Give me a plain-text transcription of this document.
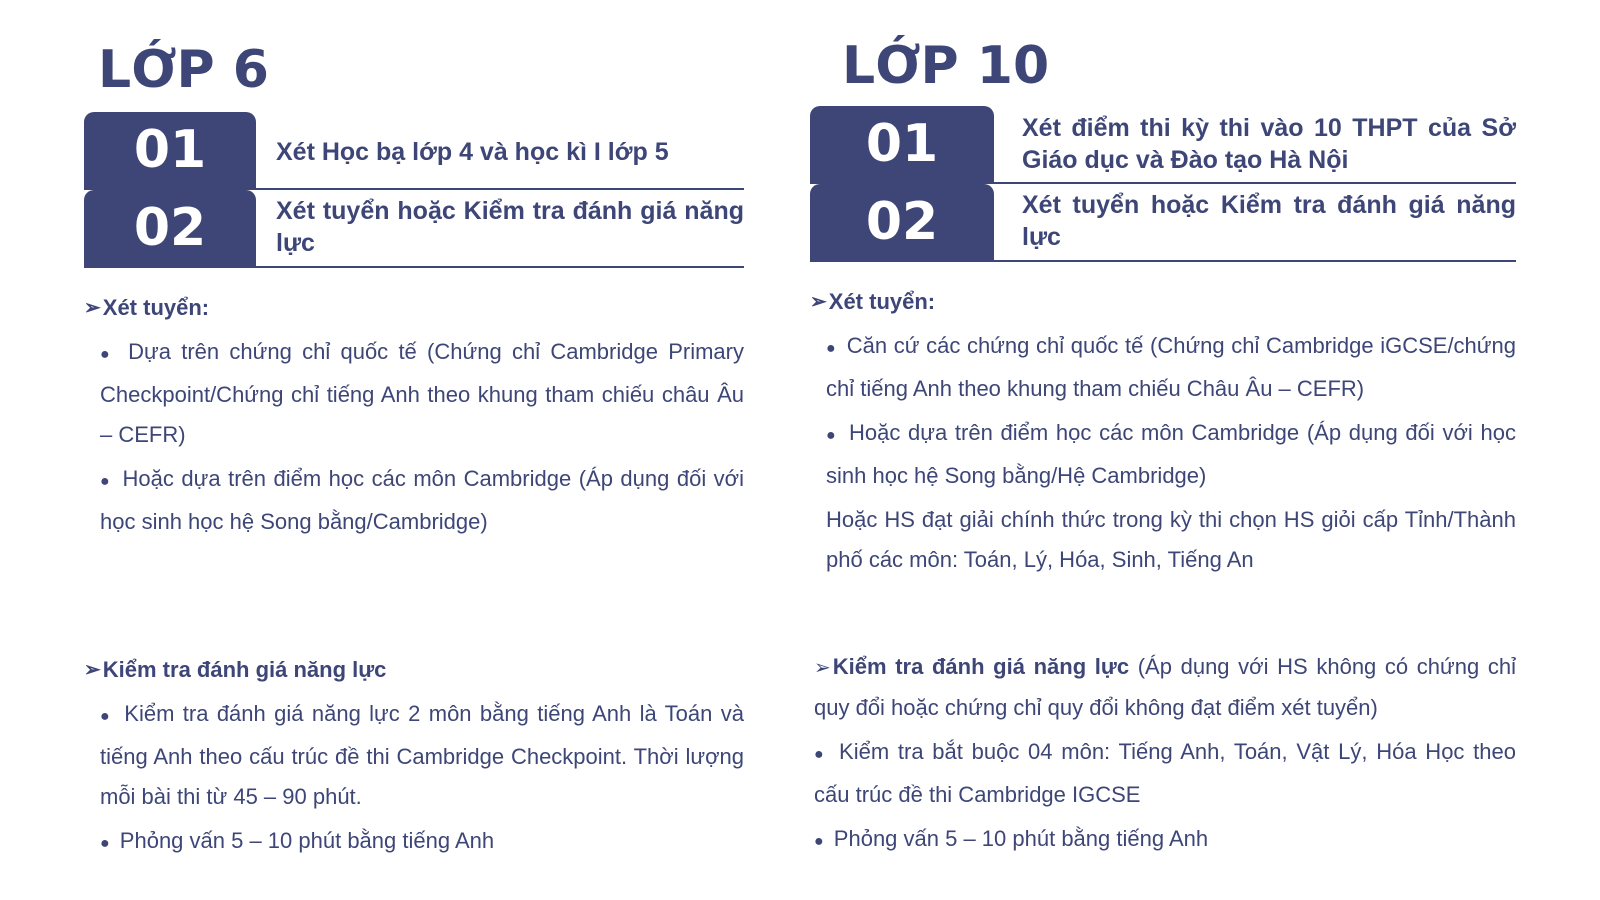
LỚP 6
01	Xét Học bạ lớp 4 và học kì I lớp 5
02	Xét tuyển hoặc Kiểm tra đánh giá năng lực

➢ Xét tuyển:

● Dựa trên chứng chỉ quốc tế (Chứng chỉ Cambridge Primary Checkpoint/Chứng chỉ tiếng Anh theo khung tham chiếu châu Âu – CEFR)

● Hoặc dựa trên điểm học các môn Cambridge (Áp dụng đối với học sinh học hệ Song bằng/Cambridge)

➢ Kiểm tra đánh giá năng lực

● Kiểm tra đánh giá năng lực 2 môn bằng tiếng Anh là Toán và tiếng Anh theo cấu trúc đề thi Cambridge Checkpoint. Thời lượng mỗi bài thi từ 45 – 90 phút.

● Phỏng vấn 5 – 10 phút bằng tiếng Anh

LỚP 10
01	Xét điểm thi kỳ thi vào 10 THPT của Sở Giáo dục và Đào tạo Hà Nội
02	Xét tuyển hoặc Kiểm tra đánh giá năng lực

➢ Xét tuyển:

● Căn cứ các chứng chỉ quốc tế (Chứng chỉ Cambridge iGCSE/chứng chỉ tiếng Anh theo khung tham chiếu Châu Âu – CEFR)

● Hoặc dựa trên điểm học các môn Cambridge (Áp dụng đối với học sinh học hệ Song bằng/Hệ Cambridge)

Hoặc HS đạt giải chính thức trong kỳ thi chọn HS giỏi cấp Tỉnh/Thành phố các môn: Toán, Lý, Hóa, Sinh, Tiếng An

➢Kiểm tra đánh giá năng lực (Áp dụng với HS không có chứng chỉ quy đổi hoặc chứng chỉ quy đổi không đạt điểm xét tuyển)

● Kiểm tra bắt buộc 04 môn: Tiếng Anh, Toán, Vật Lý, Hóa Học theo cấu trúc đề thi Cambridge IGCSE

● Phỏng vấn 5 – 10 phút bằng tiếng Anh
